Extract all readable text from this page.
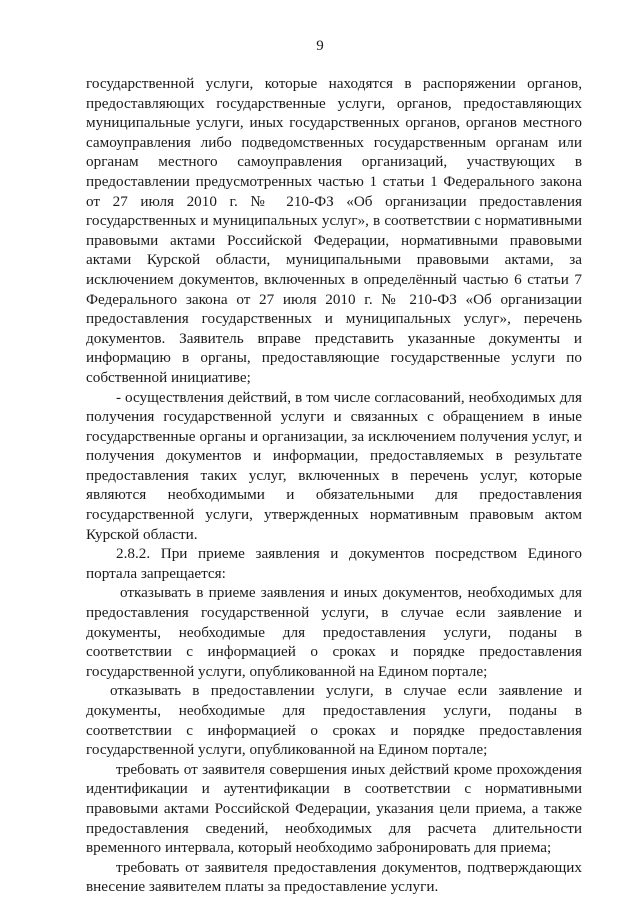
9

государственной услуги, которые находятся в распоряжении органов, предоставляющих государственные услуги, органов, предоставляющих муниципальные услуги, иных государственных органов, органов местного самоуправления либо подведомственных государственным органам или органам местного самоуправления организаций, участвующих в предоставлении предусмотренных частью 1 статьи 1 Федерального закона от 27 июля 2010 г. № 210-ФЗ «Об организации предоставления государственных и муниципальных услуг», в соответствии с нормативными правовыми актами Российской Федерации, нормативными правовыми актами Курской области, муниципальными правовыми актами, за исключением документов, включенных в определённый частью 6 статьи 7 Федерального закона от 27 июля 2010 г. № 210-ФЗ «Об организации предоставления государственных и муниципальных услуг», перечень документов. Заявитель вправе представить указанные документы и информацию в органы, предоставляющие государственные услуги по собственной инициативе;

- осуществления действий, в том числе согласований, необходимых для получения государственной услуги и связанных с обращением в иные государственные органы и организации, за исключением получения услуг, и получения документов и информации, предоставляемых в результате предоставления таких услуг, включенных в перечень услуг, которые являются необходимыми и обязательными для предоставления государственной услуги, утвержденных нормативным правовым актом Курской области.

2.8.2. При приеме заявления и документов посредством Единого портала запрещается:

отказывать в приеме заявления и иных документов, необходимых для предоставления государственной услуги, в случае если заявление и документы, необходимые для предоставления услуги, поданы в соответствии с информацией о сроках и порядке предоставления государственной услуги, опубликованной на Едином портале;

отказывать в предоставлении услуги, в случае если заявление и документы, необходимые для предоставления услуги, поданы в соответствии с информацией о сроках и порядке предоставления государственной услуги, опубликованной на Едином портале;

требовать от заявителя совершения иных действий кроме прохождения идентификации и аутентификации в соответствии с нормативными правовыми актами Российской Федерации, указания цели приема, а также предоставления сведений, необходимых для расчета длительности временного интервала, который необходимо забронировать для приема;

требовать от заявителя предоставления документов, подтверждающих внесение заявителем платы за предоставление услуги.
